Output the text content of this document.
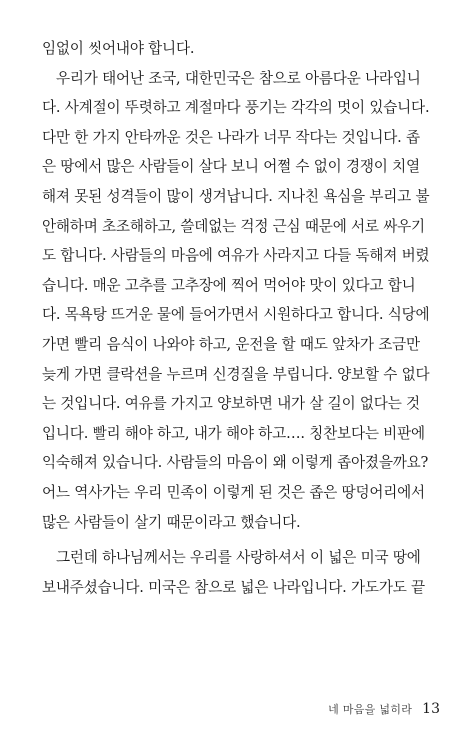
임없이 씻어내야 합니다.
우리가 태어난 조국, 대한민국은 참으로 아름다운 나라입니
다. 사계절이 뚜렷하고 계절마다 풍기는 각각의 멋이 있습니다.
다만 한 가지 안타까운 것은 나라가 너무 작다는 것입니다. 좁
은 땅에서 많은 사람들이 살다 보니 어쩔 수 없이 경쟁이 치열
해져 못된 성격들이 많이 생겨납니다. 지나친 욕심을 부리고 불
안해하며 초조해하고, 쓸데없는 걱정 근심 때문에 서로 싸우기
도 합니다. 사람들의 마음에 여유가 사라지고 다들 독해져 버렸
습니다. 매운 고추를 고추장에 찍어 먹어야 맛이 있다고 합니
다. 목욕탕 뜨거운 물에 들어가면서 시원하다고 합니다. 식당에
가면 빨리 음식이 나와야 하고, 운전을 할 때도 앞차가 조금만
늦게 가면 클락션을 누르며 신경질을 부립니다. 양보할 수 없다
는 것입니다. 여유를 가지고 양보하면 내가 살 길이 없다는 것
입니다. 빨리 해야 하고, 내가 해야 하고…. 칭찬보다는 비판에
익숙해져 있습니다. 사람들의 마음이 왜 이렇게 좁아졌을까요?
어느 역사가는 우리 민족이 이렇게 된 것은 좁은 땅덩어리에서
많은 사람들이 살기 때문이라고 했습니다.
그런데 하나님께서는 우리를 사랑하셔서 이 넓은 미국 땅에
보내주셨습니다. 미국은 참으로 넓은 나라입니다. 가도가도 끝
네 마음을 넓히라 13
